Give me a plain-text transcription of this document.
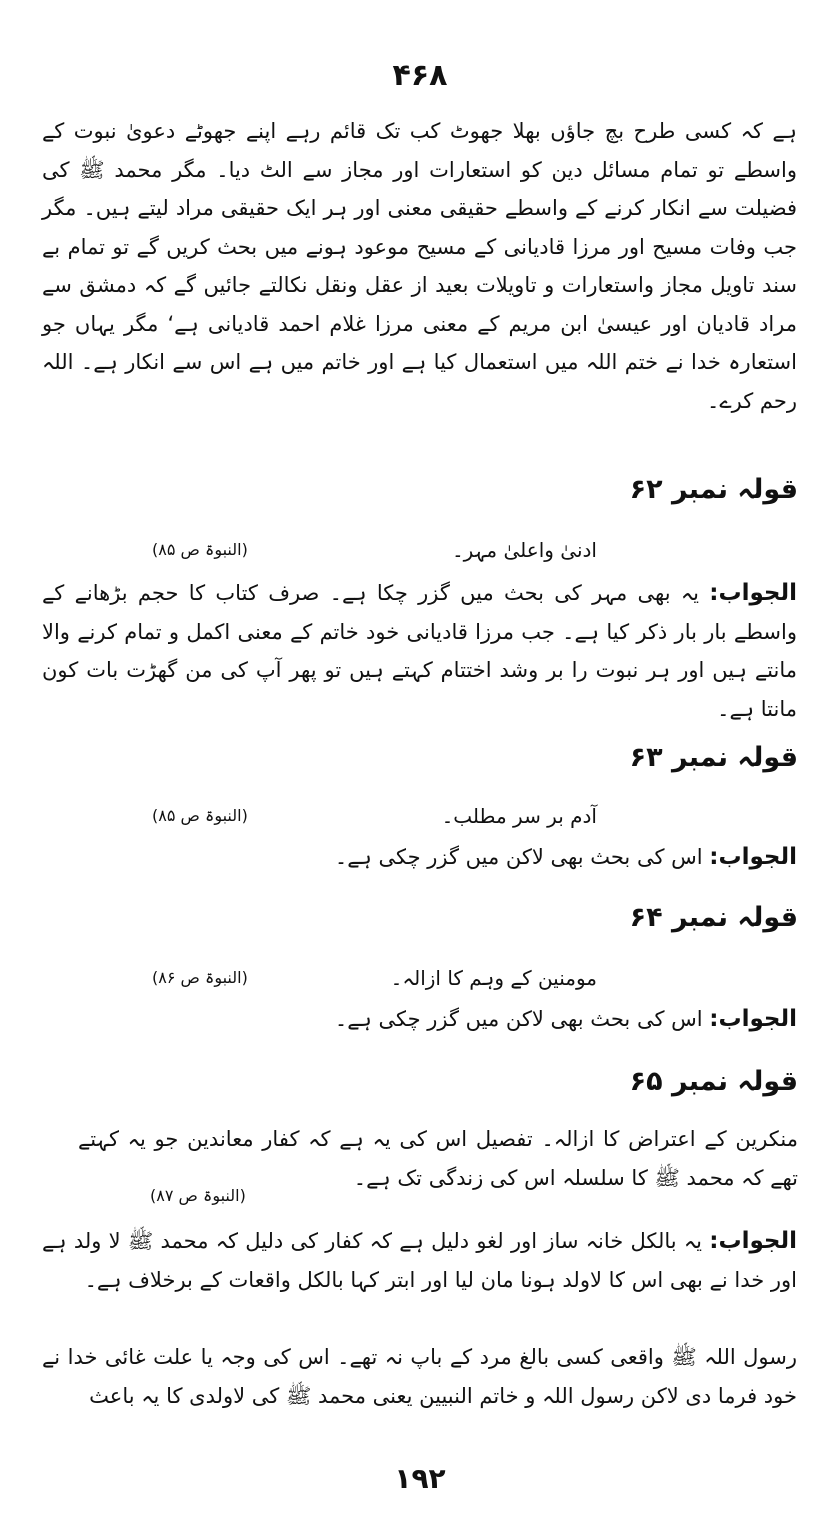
۴۶۸
ہے کہ کسی طرح بچ جاؤں بھلا جھوٹ کب تک قائم رہے اپنے جھوٹے دعویٰ نبوت کے واسطے تو تمام مسائل دین کو استعارات اور مجاز سے الٹ دیا۔ مگر محمد ﷺ کی فضیلت سے انکار کرنے کے واسطے حقیقی معنی اور ہر ایک حقیقی مراد لیتے ہیں۔ مگر جب وفات مسیح اور مرزا قادیانی کے مسیح موعود ہونے میں بحث کریں گے تو تمام بے سند تاویل مجاز واستعارات و تاویلات بعید از عقل ونقل نکالتے جائیں گے کہ دمشق سے مراد قادیان اور عیسیٰ ابن مریم کے معنی مرزا غلام احمد قادیانی ہے‘ مگر یہاں جو استعارہ خدا نے ختم اللہ میں استعمال کیا ہے اور خاتم میں ہے اس سے انکار ہے۔ اللہ رحم کرے۔
قولہ نمبر ۶۲
ادنیٰ واعلیٰ مہر۔
(النبوۃ ص ۸۵)
الجواب: یہ بھی مہر کی بحث میں گزر چکا ہے۔ صرف کتاب کا حجم بڑھانے کے واسطے بار بار ذکر کیا ہے۔ جب مرزا قادیانی خود خاتم کے معنی اکمل و تمام کرنے والا مانتے ہیں اور ہر نبوت را بر وشد اختتام کہتے ہیں تو پھر آپ کی من گھڑت بات کون مانتا ہے۔
قولہ نمبر ۶۳
آدم بر سر مطلب۔
(النبوۃ ص ۸۵)
الجواب: اس کی بحث بھی لاکن میں گزر چکی ہے۔
قولہ نمبر ۶۴
مومنین کے وہم کا ازالہ۔
(النبوۃ ص ۸۶)
الجواب: اس کی بحث بھی لاکن میں گزر چکی ہے۔
قولہ نمبر ۶۵
منکرین کے اعتراض کا ازالہ۔ تفصیل اس کی یہ ہے کہ کفار معاندین جو یہ کہتے تھے کہ محمد ﷺ کا سلسلہ اس کی زندگی تک ہے۔
(النبوۃ ص ۸۷)
الجواب: یہ بالکل خانہ ساز اور لغو دلیل ہے کہ کفار کی دلیل کہ محمد ﷺ لا ولد ہے اور خدا نے بھی اس کا لاولد ہونا مان لیا اور ابتر کہا بالکل واقعات کے برخلاف ہے۔
رسول اللہ ﷺ واقعی کسی بالغ مرد کے باپ نہ تھے۔ اس کی وجہ یا علت غائی خدا نے خود فرما دی لاکن رسول اللہ و خاتم النبیین یعنی محمد ﷺ کی لاولدی کا یہ باعث
۱۹۲
